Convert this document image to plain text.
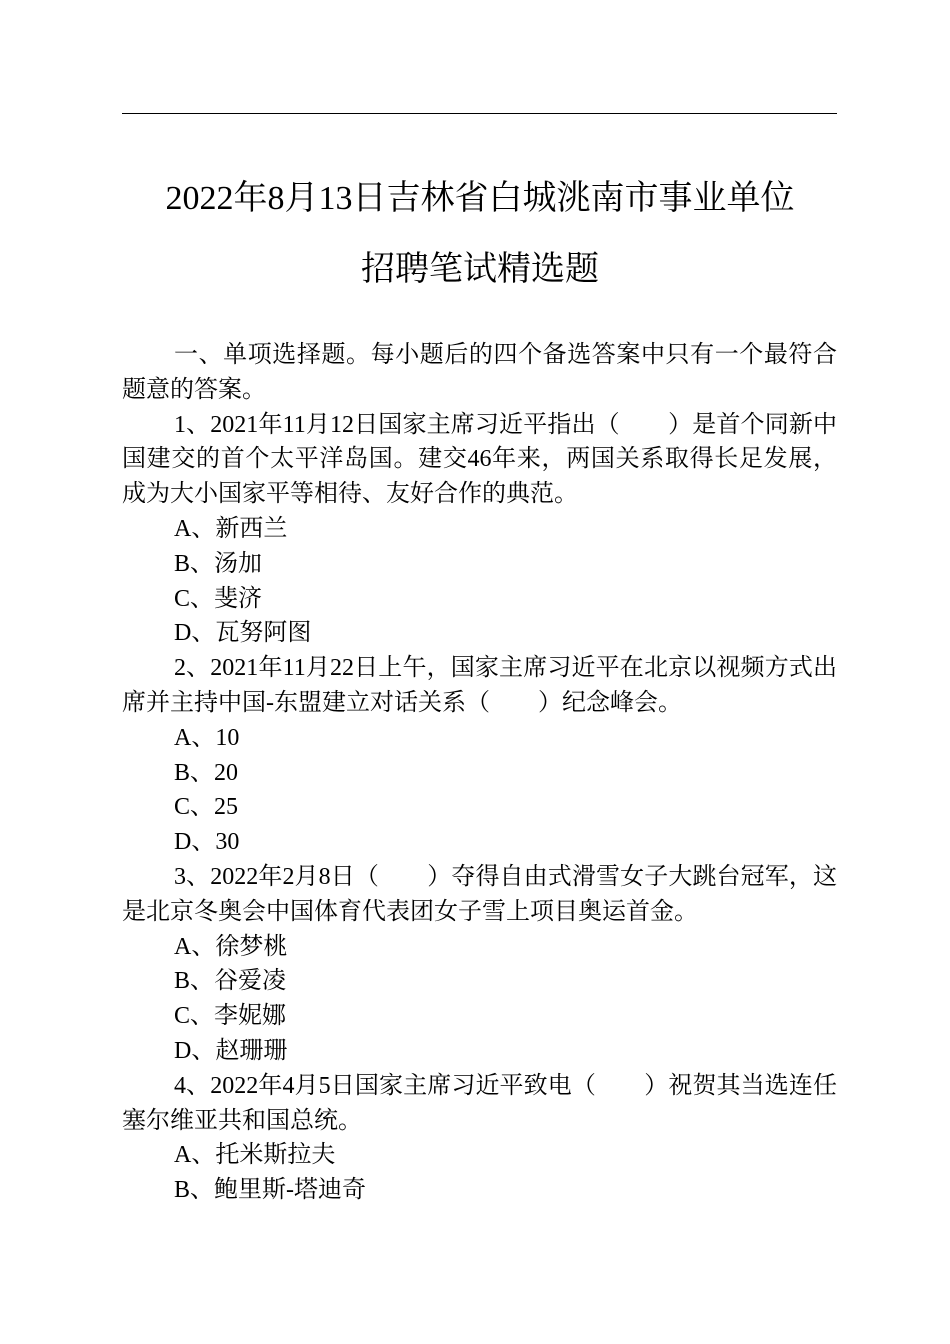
2022年8月13日吉林省白城洮南市事业单位
招聘笔试精选题

一、单项选择题。每小题后的四个备选答案中只有一个最符合题意的答案。

1、2021年11月12日国家主席习近平指出（　　）是首个同新中国建交的首个太平洋岛国。建交46年来，两国关系取得长足发展，成为大小国家平等相待、友好合作的典范。

A、新西兰

B、汤加

C、斐济

D、瓦努阿图

2、2021年11月22日上午，国家主席习近平在北京以视频方式出席并主持中国-东盟建立对话关系（　　）纪念峰会。

A、10

B、20

C、25

D、30

3、2022年2月8日（　　）夺得自由式滑雪女子大跳台冠军，这是北京冬奥会中国体育代表团女子雪上项目奥运首金。

A、徐梦桃

B、谷爱凌

C、李妮娜

D、赵珊珊

4、2022年4月5日国家主席习近平致电（　　）祝贺其当选连任塞尔维亚共和国总统。

A、托米斯拉夫

B、鲍里斯-塔迪奇
